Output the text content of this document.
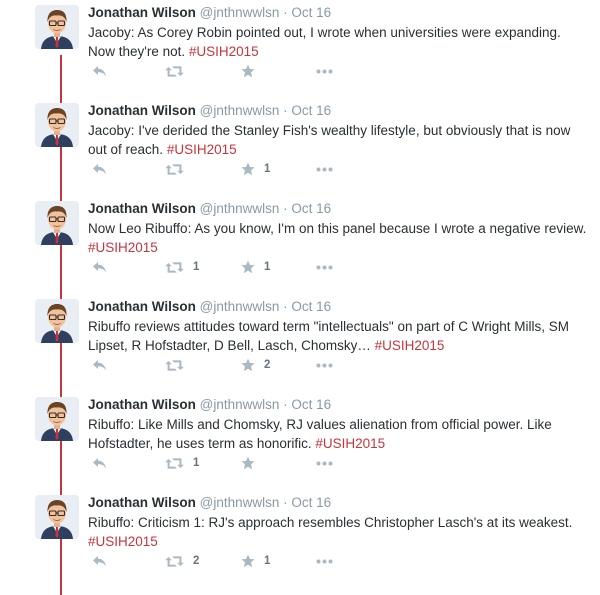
Jonathan Wilson @jnthnwwlsn · Oct 16
Jacoby: As Corey Robin pointed out, I wrote when universities were expanding. Now they're not. #USIH2015
Jonathan Wilson @jnthnwwlsn · Oct 16
Jacoby: I've derided the Stanley Fish's wealthy lifestyle, but obviously that is now out of reach. #USIH2015
1
Jonathan Wilson @jnthnwwlsn · Oct 16
Now Leo Ribuffo: As you know, I'm on this panel because I wrote a negative review. #USIH2015
1	1
Jonathan Wilson @jnthnwwlsn · Oct 16
Ribuffo reviews attitudes toward term "intellectuals" on part of C Wright Mills, SM Lipset, R Hofstadter, D Bell, Lasch, Chomsky… #USIH2015
2
Jonathan Wilson @jnthnwwlsn · Oct 16
Ribuffo: Like Mills and Chomsky, RJ values alienation from official power. Like Hofstadter, he uses term as honorific. #USIH2015
1
Jonathan Wilson @jnthnwwlsn · Oct 16
Ribuffo: Criticism 1: RJ's approach resembles Christopher Lasch's at its weakest. #USIH2015
2	1
